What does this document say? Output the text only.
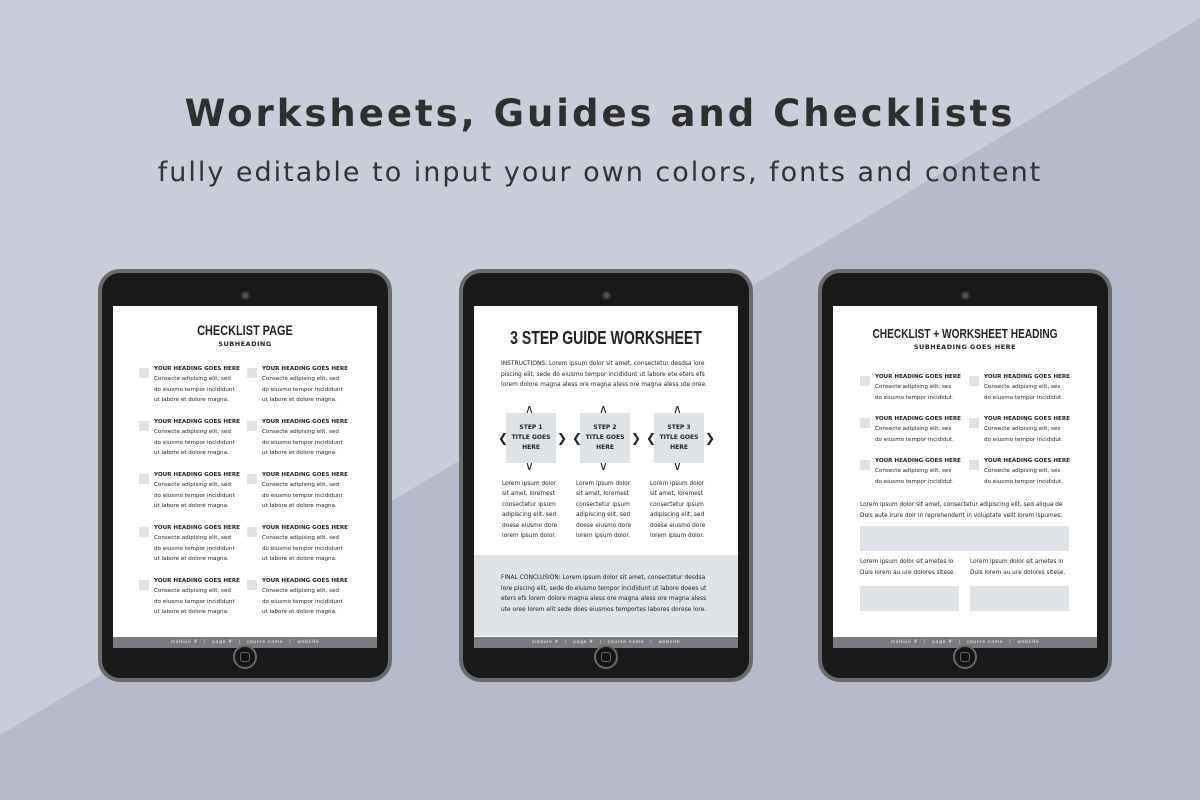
Worksheets, Guides and Checklists
fully editable to input your own colors, fonts and content
CHECKLIST PAGE
SUBHEADING
YOUR HEADING GOES HERE
Consecte adipising elit, sed
do eiusmo tempor incididunt
ut labore et dolore magna.
YOUR HEADING GOES HERE
Consecte adipising elit, sed
do eiusmo tempor incididunt
ut labore et dolore magna.
YOUR HEADING GOES HERE
Consecte adipising elit, sed
do eiusmo tempor incididunt
ut labore et dolore magna.
YOUR HEADING GOES HERE
Consecte adipising elit, sed
do eiusmo tempor incididunt
ut labore et dolore magna.
YOUR HEADING GOES HERE
Consecte adipising elit, sed
do eiusmo tempor incididunt
ut labore et dolore magna.
YOUR HEADING GOES HERE
Consecte adipising elit, sed
do eiusmo tempor incididunt
ut labore et dolore magna.
YOUR HEADING GOES HERE
Consecte adipising elit, sed
do eiusmo tempor incididunt
ut labore et dolore magna.
YOUR HEADING GOES HERE
Consecte adipising elit, sed
do eiusmo tempor incididunt
ut labore et dolore magna.
YOUR HEADING GOES HERE
Consecte adipising elit, sed
do eiusmo tempor incididunt
ut labore et dolore magna.
YOUR HEADING GOES HERE
Consecte adipising elit, sed
do eiusmo tempor incididunt
ut labore et dolore magna.
module # | page # | course name | website
3 STEP GUIDE WORKSHEET
INSTRUCTIONS: Lorem ipsum dolor sit amet, consectetur desdsa lore
piscing elit, sede do eiusmo tempor incididunt ut labore ete eters efs
lorem dolore magna aless ore magna aless ore magna aless ute oree.
STEP 1
TITLE GOES
HERE
∧
∨
❮	❯
Lorem ipsum dolor
sit amet, loremest
consectetur ipsum
adipiscing elit, sed
doese eiusmo dore
lorem ipsum dolor.
STEP 2
TITLE GOES
HERE
∧
∨
❮	❯
Lorem ipsum dolor
sit amet, loremest
consectetur ipsum
adipiscing elit, sed
doese eiusmo dore
lorem ipsum dolor.
STEP 3
TITLE GOES
HERE
∧
∨
❮	❯
Lorem ipsum dolor
sit amet, loremest
consectetur ipsum
adipiscing elit, sed
doese eiusmo dore
lorem ipsum dolor.
FINAL CONCLUSION: Lorem ipsum dolor sit amet, consectetur desdsa
lore piscing elit, sede do eiusmo tempor incididunt ut labore doees ut
eters efs lorem dolore magna aless ore magna aless ore magna aless
ute oree lorem elit sede does eiusmos temportes labores dorese lore.
module # | page # | course name | website
CHECKLIST + WORKSHEET HEADING
SUBHEADING GOES HERE
YOUR HEADING GOES HERE
Consecte adipising elit, ses
do eiusmo tempor incididut.
YOUR HEADING GOES HERE
Consecte adipising elit, ses
do eiusmo tempor incididut.
YOUR HEADING GOES HERE
Consecte adipising elit, ses
do eiusmo tempor incididut.
YOUR HEADING GOES HERE
Consecte adipising elit, ses
do eiusmo tempor incididut.
YOUR HEADING GOES HERE
Consecte adipising elit, ses
do eiusmo tempor incididut.
YOUR HEADING GOES HERE
Consecte adipising elit, ses
do eiusmo tempor incididut.
Lorem ipsum dolor sit amet, consectetur adipiscing elit, sed aliqua de
Duis aute irure dolr in reprehenderit in voluptate velit lorem ispumes.
Lorem ipsum dolor sit ametes lo
Duis lorem au ure dolores sitese.
Lorem ipsum dolor sit ametes lo
Duis lorem au ure dolores sitese.
module # | page # | course name | website
